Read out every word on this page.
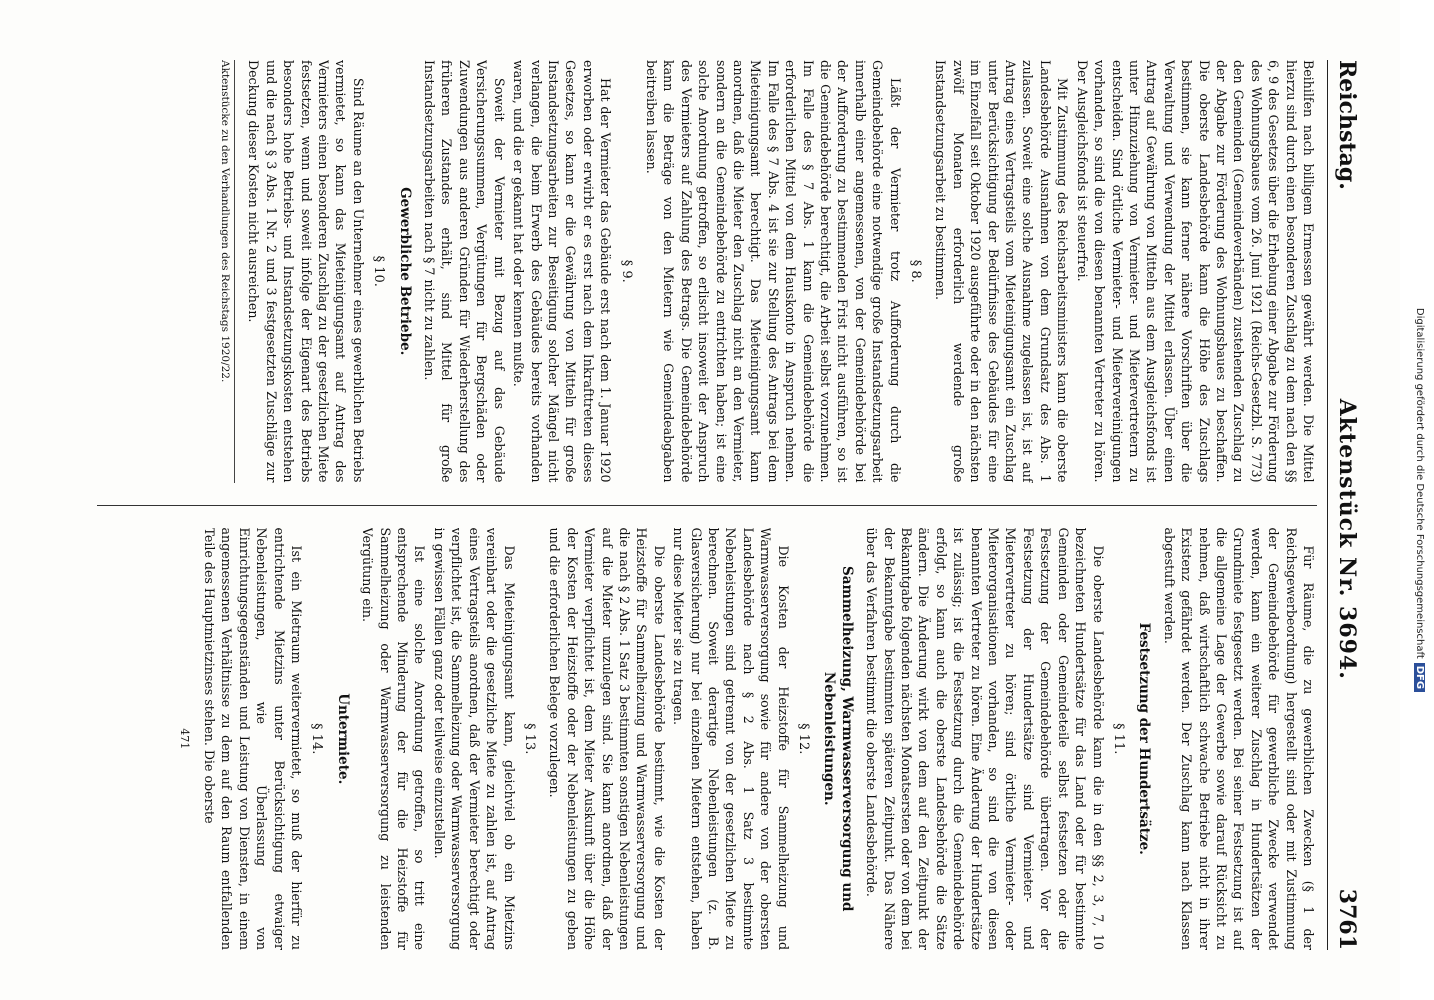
Reichstag.
Aktenstück Nr. 3694.
3761

Beihilfen nach billigem Ermessen gewährt werden. Die Mittel hierzu sind durch einen besonderen Zuschlag zu dem nach den §§ 6, 9 des Gesetzes über die Erhebung einer Abgabe zur Förderung des Wohnungsbaues vom 26. Juni 1921 (Reichs-Gesetzbl. S. 773) den Gemeinden (Gemeindeverbänden) zustehenden Zuschlag zu der Abgabe zur Förderung des Wohnungsbaues zu beschaffen. Die oberste Landesbehörde kann die Höhe des Zuschlags bestimmen, sie kann ferner nähere Vorschriften über die Verwaltung und Verwendung der Mittel erlassen. Über einen Antrag auf Gewährung von Mitteln aus dem Ausgleichsfonds ist unter Hinzuziehung von Vermieter- und Mietervertretern zu entscheiden. Sind örtliche Vermieter- und Mietervereinigungen vorhanden, so sind die von diesen benannten Vertreter zu hören. Der Ausgleichsfonds ist steuerfrei.

Mit Zustimmung des Reichsarbeitsministers kann die oberste Landesbehörde Ausnahmen von dem Grundsatz des Abs. 1 zulassen. Soweit eine solche Ausnahme zugelassen ist, ist auf Antrag eines Vertragsteils vom Mieteinigungsamt ein Zuschlag unter Berücksichtigung der Bedürfnisse des Gebäudes für eine im Einzelfall seit Oktober 1920 ausgeführte oder in den nächsten zwölf Monaten erforderlich werdende große Instandsetzungsarbeit zu bestimmen.

§ 8.

Läßt der Vermieter trotz Aufforderung durch die Gemeindebehörde eine notwendige große Instandsetzungsarbeit innerhalb einer angemessenen, von der Gemeindebehörde bei der Aufforderung zu bestimmenden Frist nicht ausführen, so ist die Gemeindebehörde berechtigt, die Arbeit selbst vorzunehmen. Im Falle des § 7 Abs. 1 kann die Gemeindebehörde die erforderlichen Mittel von dem Hauskonto in Anspruch nehmen. Im Falle des § 7 Abs. 4 ist sie zur Stellung des Antrags bei dem Mieteinigungsamt berechtigt. Das Mieteinigungsamt kann anordnen, daß die Mieter den Zuschlag nicht an den Vermieter, sondern an die Gemeindebehörde zu entrichten haben; ist eine solche Anordnung getroffen, so erlischt insoweit der Anspruch des Vermieters auf Zahlung des Betrags. Die Gemeindebehörde kann die Beträge von den Mietern wie Gemeindeabgaben beitreiben lassen.

§ 9.

Hat der Vermieter das Gebäude erst nach dem 1. Januar 1920 erworben oder erwirbt er es erst nach dem Inkrafttreten dieses Gesetzes, so kann er die Gewährung von Mitteln für große Instandsetzungsarbeiten zur Beseitigung solcher Mängel nicht verlangen, die beim Erwerb des Gebäudes bereits vorhanden waren, und die er gekannt hat oder kennen mußte.

Soweit der Vermieter mit Bezug auf das Gebäude Versicherungssummen, Vergütungen für Bergschäden oder Zuwendungen aus anderen Gründen für Wiederherstellung des früheren Zustandes erhält, sind Mittel für große Instandsetzungsarbeiten nach § 7 nicht zu zahlen.

Gewerbliche Betriebe.
§ 10.

Sind Räume an den Unternehmer eines gewerblichen Betriebs vermietet, so kann das Mieteinigungsamt auf Antrag des Vermieters einen besonderen Zuschlag zu der gesetzlichen Miete festsetzen, wenn und soweit infolge der Eigenart des Betriebs besonders hohe Betriebs- und Instandsetzungskosten entstehen und die nach § 3 Abs. 1 Nr. 2 und 3 festgesetzten Zuschläge zur Deckung dieser Kosten nicht ausreichen.

Aktenstücke zu den Verhandlungen des Reichstags 1920/22.

Für Räume, die zu gewerblichen Zwecken (§ 1 der Reichsgewerbeordnung) hergestellt sind oder mit Zustimmung der Gemeindebehörde für gewerbliche Zwecke verwendet werden, kann ein weiterer Zuschlag in Hundertsätzen der Grundmiete festgesetzt werden. Bei seiner Festsetzung ist auf die allgemeine Lage der Gewerbe sowie darauf Rücksicht zu nehmen, daß wirtschaftlich schwache Betriebe nicht in ihrer Existenz gefährdet werden. Der Zuschlag kann nach Klassen abgestuft werden.

Festsetzung der Hundertsätze.
§ 11.

Die oberste Landesbehörde kann die in den §§ 2, 3, 7, 10 bezeichneten Hundertsätze für das Land oder für bestimmte Gemeinden oder Gemeindeteile selbst festsetzen oder die Festsetzung der Gemeindebehörde übertragen. Vor der Festsetzung der Hundertsätze sind Vermieter- und Mietervertreter zu hören; sind örtliche Vermieter- oder Mieterorganisationen vorhanden, so sind die von diesen benannten Vertreter zu hören. Eine Änderung der Hundertsätze ist zulässig; ist die Festsetzung durch die Gemeindebehörde erfolgt, so kann auch die oberste Landesbehörde die Sätze ändern. Die Änderung wirkt von dem auf den Zeitpunkt der Bekanntgabe folgenden nächsten Monatsersten oder von dem bei der Bekanntgabe bestimmten späteren Zeitpunkt. Das Nähere über das Verfahren bestimmt die oberste Landesbehörde.

Sammelheizung, Warmwasserversorgung und Nebenleistungen.
§ 12.

Die Kosten der Heizstoffe für Sammelheizung und Warmwasserversorgung sowie für andere von der obersten Landesbehörde nach § 2 Abs. 1 Satz 3 bestimmte Nebenleistungen sind getrennt von der gesetzlichen Miete zu berechnen. Soweit derartige Nebenleistungen (z. B. Glasversicherung) nur bei einzelnen Mietern entstehen, haben nur diese Mieter sie zu tragen.

Die oberste Landesbehörde bestimmt, wie die Kosten der Heizstoffe für Sammelheizung und Warmwasserversorgung und die nach § 2 Abs. 1 Satz 3 bestimmten sonstigen Nebenleistungen auf die Mieter umzulegen sind. Sie kann anordnen, daß der Vermieter verpflichtet ist, dem Mieter Auskunft über die Höhe der Kosten der Heizstoffe oder der Nebenleistungen zu geben und die erforderlichen Belege vorzulegen.

§ 13.

Das Mieteinigungsamt kann, gleichviel ob ein Mietzins vereinbart oder die gesetzliche Miete zu zahlen ist, auf Antrag eines Vertragsteils anordnen, daß der Vermieter berechtigt oder verpflichtet ist, die Sammelheizung oder Warmwasserversorgung in gewissen Fällen ganz oder teilweise einzustellen.

Ist eine solche Anordnung getroffen, so tritt eine entsprechende Minderung der für die Heizstoffe für Sammelheizung oder Warmwasserversorgung zu leistenden Vergütung ein.

Untermiete.
§ 14.

Ist ein Mietraum weitervermietet, so muß der hierfür zu entrichtende Mietzins unter Berücksichtigung etwaiger Nebenleistungen, wie Überlassung von Einrichtungsgegenständen und Leistung von Diensten, in einem angemessenen Verhältnisse zu dem auf den Raum entfallenden Teile des Hauptmietzinses stehen. Die oberste

471
Digitalisierung gefördert durch die Deutsche Forschungsgemeinschaft
DFG
